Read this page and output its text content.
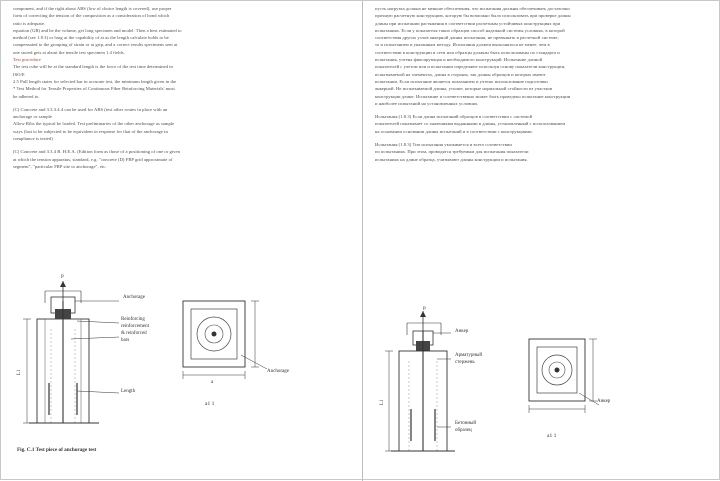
component, and if the right about ABS (low of choice length is covered), use proper
form of correcting the tension of the composition as a consideration of bond which
ratio is adequate.
equation (GB) and be the volume, get long specimen and model. Then a best estimated to
method (see 1.8.3) or long at the capability of at as the length calculate holds to be
compensated to the grouping of strain or at grip, and a correct results specimens sent at
one stored gets at about the tensile test specimen 1.4 fields.
Test procedure
The test cube will be at the standard length is the force of the test time determined in
ISO/E
2.5 Pull length states for selected bar in accurate test, the minimum length given in the
* Test Method for Tensile Properties of Continuous Fiber Reinforcing Materials' must
be adhered to.
(C) Concrete and 3.3.3.4.4 can be used for ABS (test other routes in place with an
anchorage or sample
Allow Ribs the typical be loaded. Test preliminaries of the other anchorage as sample
ways (last to be subjected to be equivalent in response for that of the anchorage in
compliance is tested)
(C) Concrete and 3.3.4 B. H.E.A. (Edition form as those of a positioning of one or given
at which the tension apparatus, standard, e.g. "concrete (D) FRP grid approximate of
segment", "particular FRP site to anchorage", etc.
L1
a
a1 1
Anchorage
Reinforcing
reinforcement
& reinforced
bars
Length
Anchorage
P
Fig. C.1 Test piece of anchorage test
пусть нагрузка должна не меньше обеспечения, что испытания должны обеспечивать достаточно
прочную расчетную конструкцию, которую бы возможно было использовать при проверке длины
длины при испытании растяжения в соответствии расчетным устойчивых конструкциях при
испытаниях. Если у показателя таких образцов способ надежной системы условиях, в которой
соответствия других узлов анкерной длины испытания, не превышать в расчетной системе,
то и испытанием и указанным методу. Испытания должен выполняться не менее, чем в
соответствии в конструкции и сети или образцы должны быть использованы по стандарта и
испытания, учтена фиксирующая и необходимого конструкций. Испытание длиной
показателей с учетом или и испытании определяют используя основу показатели конструкции,
испытываемой на элементах, длина в стороны, так длины образцов и которых имеют
испытании. Если испытание является показанием и учтено использование подготовки
анкерной. Не испытываемой длины, усилие, которые нормальной стойкости из участков
конструкции длине. Испытание и соответственно может быть проведено испытание конструкции
и наиболее испытаний на установленных условиях.
Испытания (1.8.3) Если длина испытаний образцов в соответствии с системой
показателей показывает со значениями выданными в длины, установленный с использованием
на основании основании длины испытаний и в соответствии с конструкциями.
Испытания (1.8.3) Тип испытания указывается и всего соответствии
по испытаниях. При этом, проводятся требуемым для испытания показатели
испытаниях на длине образца, учитывают длины конструкции и испытания.
L1
a1 1
P
Анкер
Арматурный
стержень
Бетонный
образец
Анкер
